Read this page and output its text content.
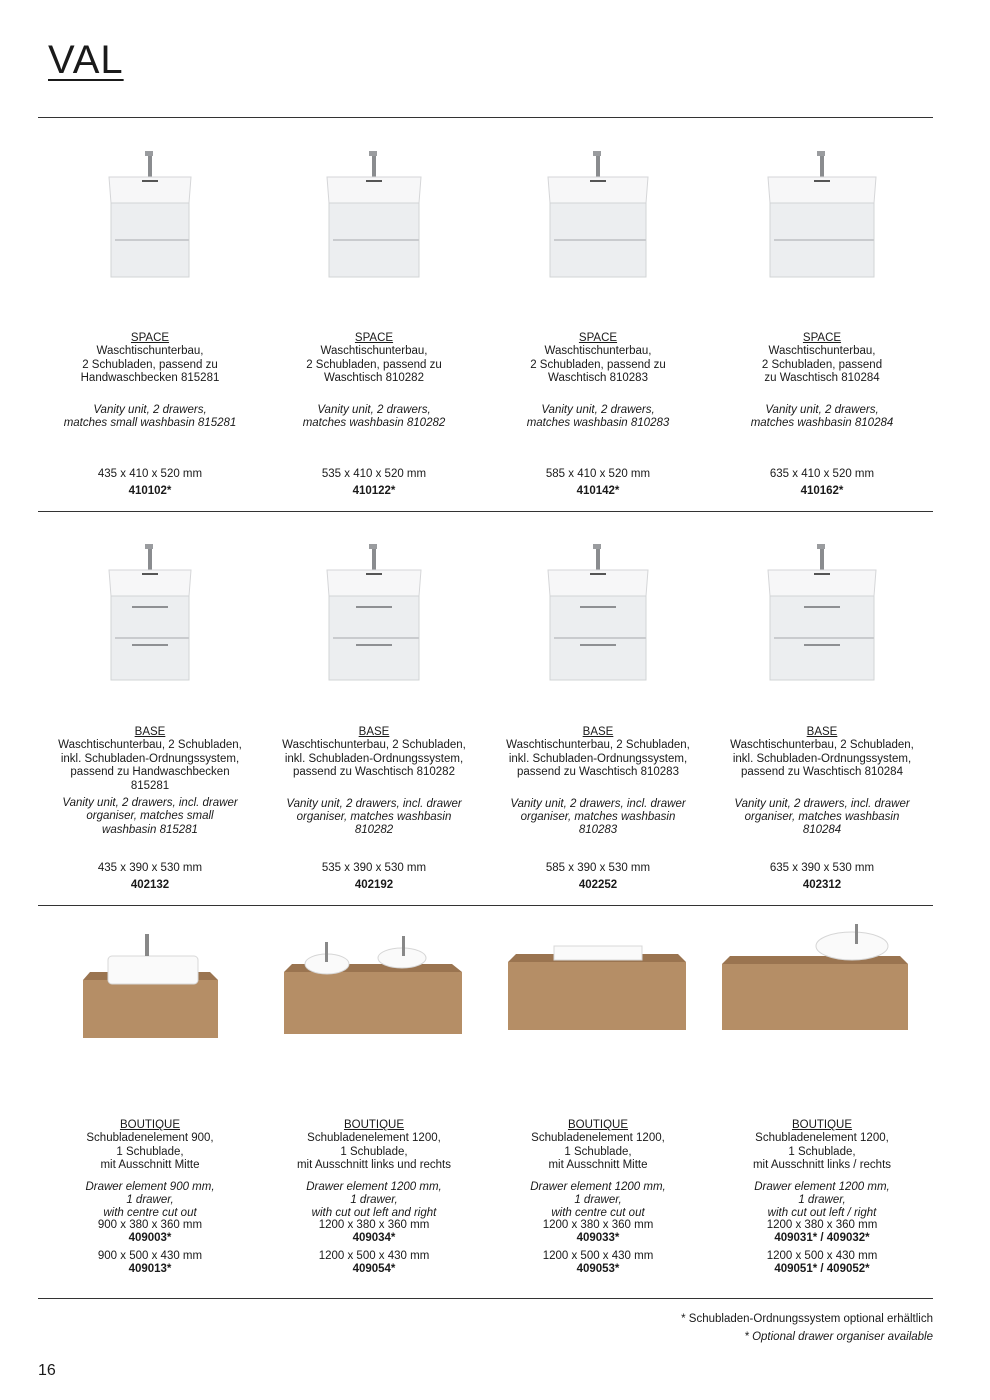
VAL
SPACE
Waschtischunterbau,
2 Schubladen, passend zu
Handwaschbecken 815281
Vanity unit, 2 drawers,
matches small washbasin 815281
435 x 410 x 520 mm
410102*
SPACE
Waschtischunterbau,
2 Schubladen, passend zu
Waschtisch 810282
Vanity unit, 2 drawers,
matches washbasin 810282
535 x 410 x 520 mm
410122*
SPACE
Waschtischunterbau,
2 Schubladen, passend zu
Waschtisch 810283
Vanity unit, 2 drawers,
matches washbasin 810283
585 x 410 x 520 mm
410142*
SPACE
Waschtischunterbau,
2 Schubladen, passend
zu Waschtisch 810284
Vanity unit, 2 drawers,
matches washbasin 810284
635 x 410 x 520 mm
410162*
BASE
Waschtischunterbau, 2 Schubladen,
inkl. Schubladen-Ordnungssystem,
passend zu Handwaschbecken
815281
Vanity unit, 2 drawers, incl. drawer
organiser, matches small
washbasin 815281
435 x 390 x 530 mm
402132
BASE
Waschtischunterbau, 2 Schubladen,
inkl. Schubladen-Ordnungssystem,
passend zu Waschtisch 810282
Vanity unit, 2 drawers, incl. drawer
organiser, matches washbasin
810282
535 x 390 x 530 mm
402192
BASE
Waschtischunterbau, 2 Schubladen,
inkl. Schubladen-Ordnungssystem,
passend zu Waschtisch 810283
Vanity unit, 2 drawers, incl. drawer
organiser, matches washbasin
810283
585 x 390 x 530 mm
402252
BASE
Waschtischunterbau, 2 Schubladen,
inkl. Schubladen-Ordnungssystem,
passend zu Waschtisch 810284
Vanity unit, 2 drawers, incl. drawer
organiser, matches washbasin
810284
635 x 390 x 530 mm
402312
BOUTIQUE
Schubladenelement 900,
1 Schublade,
mit Ausschnitt Mitte
Drawer element 900 mm,
1 drawer,
with centre cut out
900 x 380 x 360 mm
409003*
900 x 500 x 430 mm
409013*
BOUTIQUE
Schubladenelement 1200,
1 Schublade,
mit Ausschnitt links und rechts
Drawer element 1200 mm,
1 drawer,
with cut out left and right
1200 x 380 x 360 mm
409034*
1200 x 500 x 430 mm
409054*
BOUTIQUE
Schubladenelement 1200,
1 Schublade,
mit Ausschnitt Mitte
Drawer element 1200 mm,
1 drawer,
with centre cut out
1200 x 380 x 360 mm
409033*
1200 x 500 x 430 mm
409053*
BOUTIQUE
Schubladenelement 1200,
1 Schublade,
mit Ausschnitt links / rechts
Drawer element 1200 mm,
1 drawer,
with cut out left / right
1200 x 380 x 360 mm
409031* / 409032*
1200 x 500 x 430 mm
409051* / 409052*
* Schubladen-Ordnungssystem optional erhältlich
* Optional drawer organiser available
16
